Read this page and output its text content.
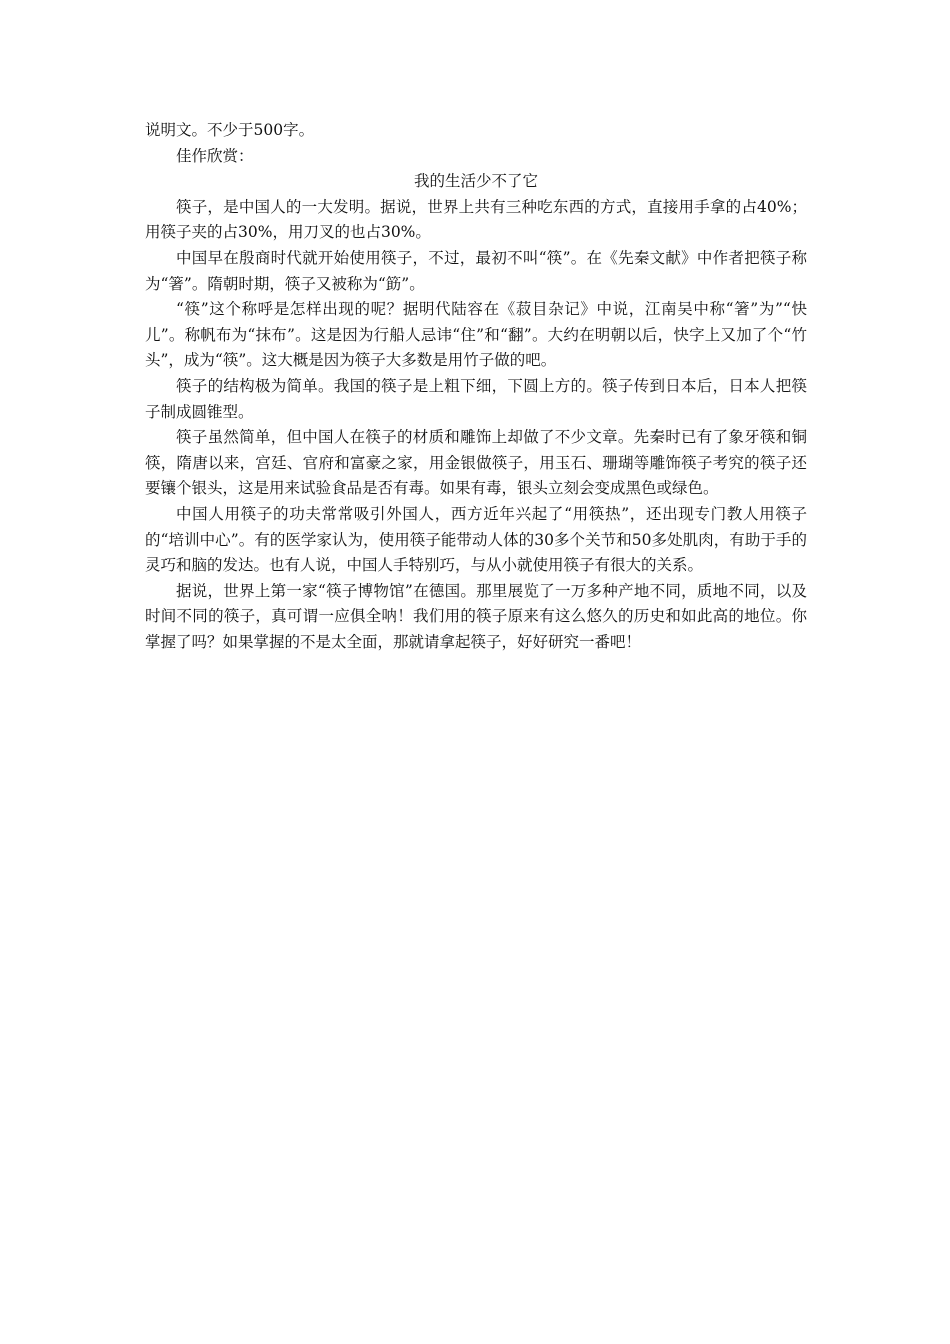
说明文。不少于500字。

佳作欣赏：

我的生活少不了它

筷子，是中国人的一大发明。据说，世界上共有三种吃东西的方式，直接用手拿的占40%；用筷子夹的占30%，用刀叉的也占30%。

中国早在殷商时代就开始使用筷子，不过，最初不叫“筷”。在《先秦文献》中作者把筷子称为“箸”。隋朝时期，筷子又被称为“筯”。

“筷”这个称呼是怎样出现的呢？据明代陆容在《菽目杂记》中说，江南吴中称“箸”为”“快儿”。称帆布为“抹布”。这是因为行船人忌讳“住”和“翻”。大约在明朝以后，快字上又加了个“竹头”，成为“筷”。这大概是因为筷子大多数是用竹子做的吧。

筷子的结构极为简单。我国的筷子是上粗下细，下圆上方的。筷子传到日本后，日本人把筷子制成圆锥型。

筷子虽然简单，但中国人在筷子的材质和雕饰上却做了不少文章。先秦时已有了象牙筷和铜筷，隋唐以来，宫廷、官府和富豪之家，用金银做筷子，用玉石、珊瑚等雕饰筷子考究的筷子还要镶个银头，这是用来试验食品是否有毒。如果有毒，银头立刻会变成黑色或绿色。

中国人用筷子的功夫常常吸引外国人，西方近年兴起了“用筷热”，还出现专门教人用筷子的“培训中心”。有的医学家认为，使用筷子能带动人体的30多个关节和50多处肌肉，有助于手的灵巧和脑的发达。也有人说，中国人手特别巧，与从小就使用筷子有很大的关系。

据说，世界上第一家“筷子博物馆”在德国。那里展览了一万多种产地不同，质地不同，以及时间不同的筷子，真可谓一应俱全呐！我们用的筷子原来有这么悠久的历史和如此高的地位。你掌握了吗？如果掌握的不是太全面，那就请拿起筷子，好好研究一番吧！
